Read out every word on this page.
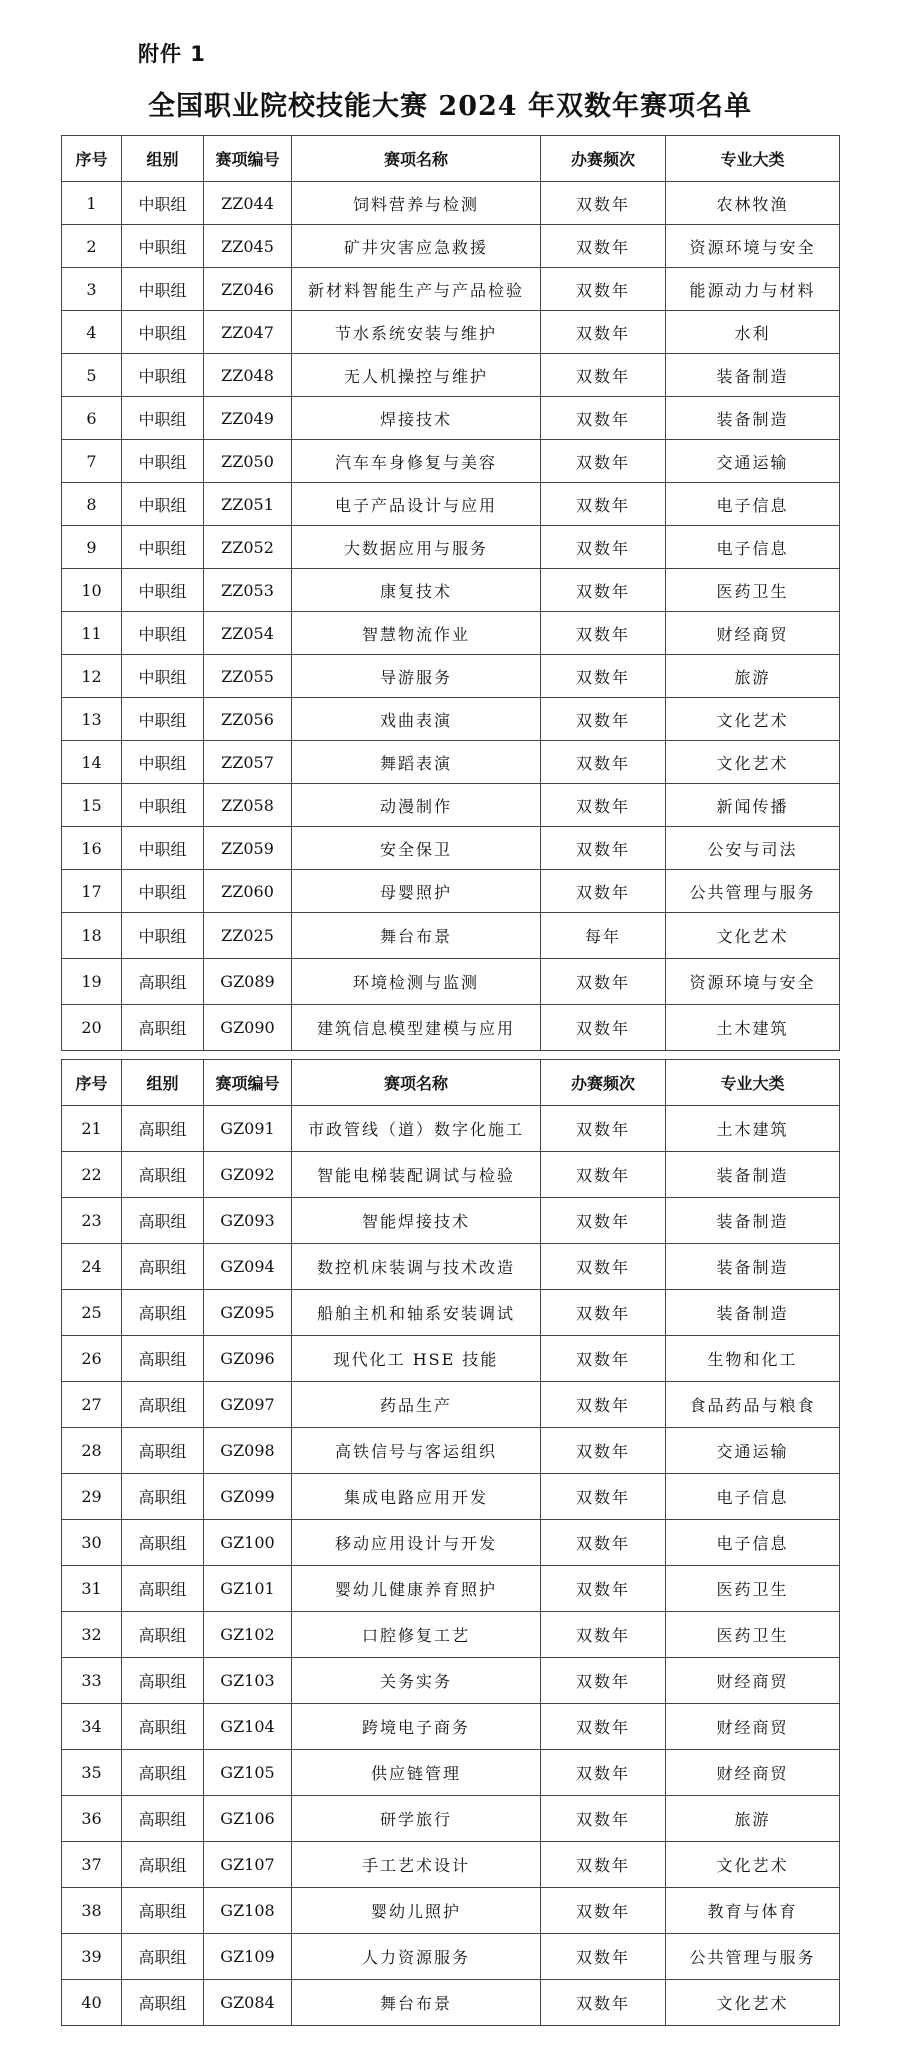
附件 1
全国职业院校技能大赛 2024 年双数年赛项名单
序号	组别	赛项编号	赛项名称	办赛频次	专业大类
1	中职组	ZZ044	饲料营养与检测	双数年	农林牧渔
2	中职组	ZZ045	矿井灾害应急救援	双数年	资源环境与安全
3	中职组	ZZ046	新材料智能生产与产品检验	双数年	能源动力与材料
4	中职组	ZZ047	节水系统安装与维护	双数年	水利
5	中职组	ZZ048	无人机操控与维护	双数年	装备制造
6	中职组	ZZ049	焊接技术	双数年	装备制造
7	中职组	ZZ050	汽车车身修复与美容	双数年	交通运输
8	中职组	ZZ051	电子产品设计与应用	双数年	电子信息
9	中职组	ZZ052	大数据应用与服务	双数年	电子信息
10	中职组	ZZ053	康复技术	双数年	医药卫生
11	中职组	ZZ054	智慧物流作业	双数年	财经商贸
12	中职组	ZZ055	导游服务	双数年	旅游
13	中职组	ZZ056	戏曲表演	双数年	文化艺术
14	中职组	ZZ057	舞蹈表演	双数年	文化艺术
15	中职组	ZZ058	动漫制作	双数年	新闻传播
16	中职组	ZZ059	安全保卫	双数年	公安与司法
17	中职组	ZZ060	母婴照护	双数年	公共管理与服务
18	中职组	ZZ025	舞台布景	每年	文化艺术
19	高职组	GZ089	环境检测与监测	双数年	资源环境与安全
20	高职组	GZ090	建筑信息模型建模与应用	双数年	土木建筑
序号	组别	赛项编号	赛项名称	办赛频次	专业大类
21	高职组	GZ091	市政管线（道）数字化施工	双数年	土木建筑
22	高职组	GZ092	智能电梯装配调试与检验	双数年	装备制造
23	高职组	GZ093	智能焊接技术	双数年	装备制造
24	高职组	GZ094	数控机床装调与技术改造	双数年	装备制造
25	高职组	GZ095	船舶主机和轴系安装调试	双数年	装备制造
26	高职组	GZ096	现代化工 HSE 技能	双数年	生物和化工
27	高职组	GZ097	药品生产	双数年	食品药品与粮食
28	高职组	GZ098	高铁信号与客运组织	双数年	交通运输
29	高职组	GZ099	集成电路应用开发	双数年	电子信息
30	高职组	GZ100	移动应用设计与开发	双数年	电子信息
31	高职组	GZ101	婴幼儿健康养育照护	双数年	医药卫生
32	高职组	GZ102	口腔修复工艺	双数年	医药卫生
33	高职组	GZ103	关务实务	双数年	财经商贸
34	高职组	GZ104	跨境电子商务	双数年	财经商贸
35	高职组	GZ105	供应链管理	双数年	财经商贸
36	高职组	GZ106	研学旅行	双数年	旅游
37	高职组	GZ107	手工艺术设计	双数年	文化艺术
38	高职组	GZ108	婴幼儿照护	双数年	教育与体育
39	高职组	GZ109	人力资源服务	双数年	公共管理与服务
40	高职组	GZ084	舞台布景	双数年	文化艺术
